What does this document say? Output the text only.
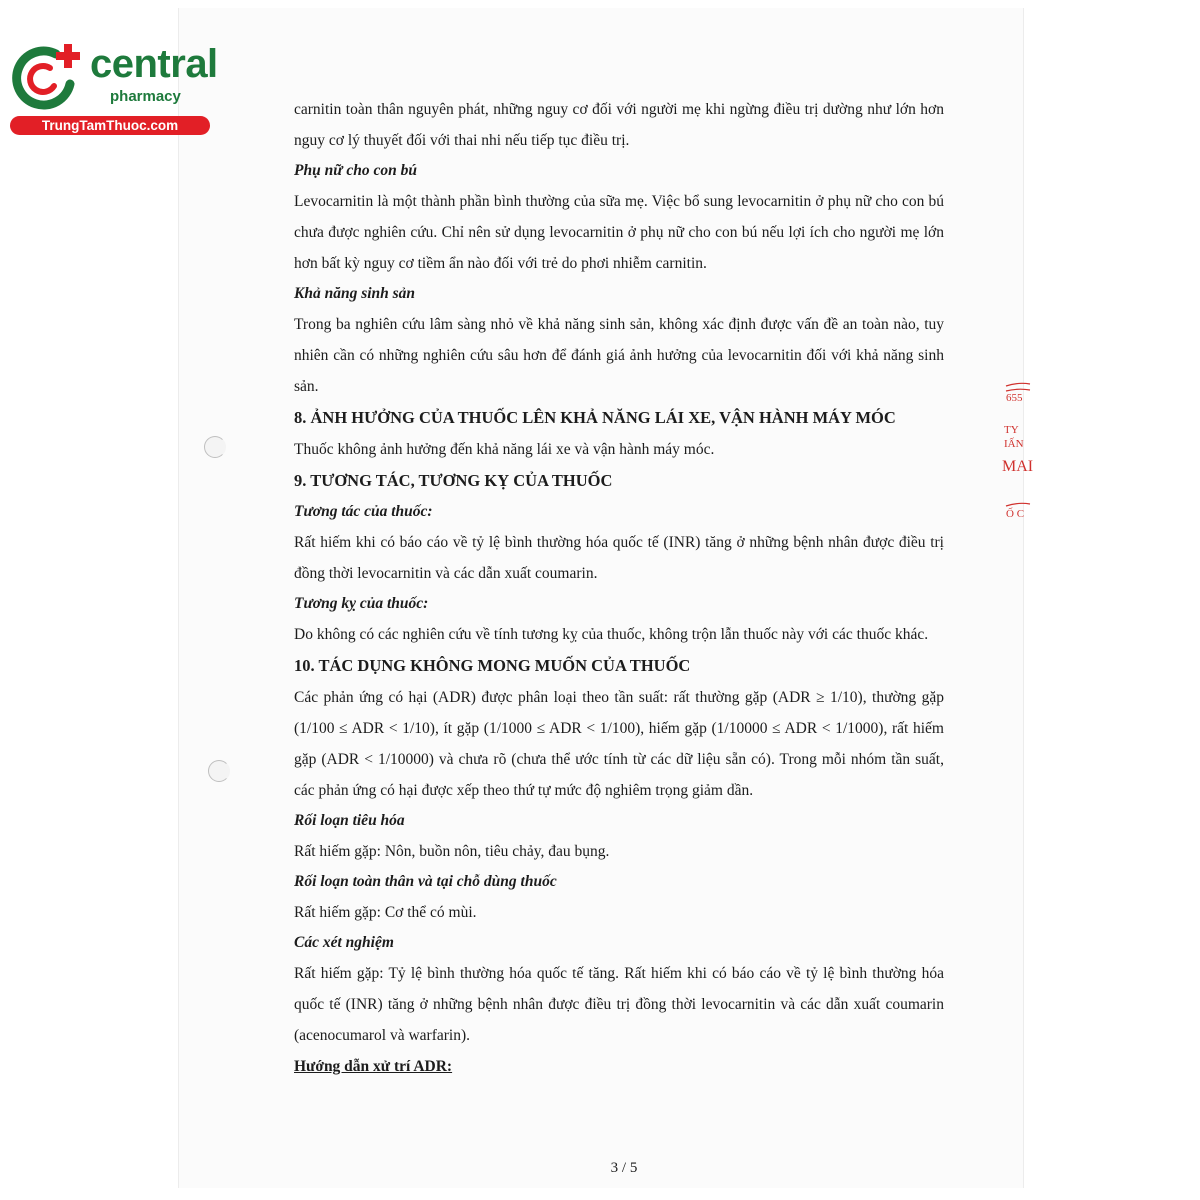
central
pharmacy
TrungTamThuoc.com
655
TY
IẤN
MAI
Ố C

carnitin toàn thân nguyên phát, những nguy cơ đối với người mẹ khi ngừng điều trị dường như lớn hơn nguy cơ lý thuyết đối với thai nhi nếu tiếp tục điều trị.

Phụ nữ cho con bú

Levocarnitin là một thành phần bình thường của sữa mẹ. Việc bổ sung levocarnitin ở phụ nữ cho con bú chưa được nghiên cứu. Chỉ nên sử dụng levocarnitin ở phụ nữ cho con bú nếu lợi ích cho người mẹ lớn hơn bất kỳ nguy cơ tiềm ẩn nào đối với trẻ do phơi nhiễm carnitin.

Khả năng sinh sản

Trong ba nghiên cứu lâm sàng nhỏ về khả năng sinh sản, không xác định được vấn đề an toàn nào, tuy nhiên cần có những nghiên cứu sâu hơn để đánh giá ảnh hưởng của levocarnitin đối với khả năng sinh sản.

8. ẢNH HƯỞNG CỦA THUỐC LÊN KHẢ NĂNG LÁI XE, VẬN HÀNH MÁY MÓC

Thuốc không ảnh hưởng đến khả năng lái xe và vận hành máy móc.

9. TƯƠNG TÁC, TƯƠNG KỴ CỦA THUỐC
Tương tác của thuốc:

Rất hiếm khi có báo cáo về tỷ lệ bình thường hóa quốc tế (INR) tăng ở những bệnh nhân được điều trị đồng thời levocarnitin và các dẫn xuất coumarin.

Tương kỵ của thuốc:

Do không có các nghiên cứu về tính tương kỵ của thuốc, không trộn lẫn thuốc này với các thuốc khác.

10. TÁC DỤNG KHÔNG MONG MUỐN CỦA THUỐC

Các phản ứng có hại (ADR) được phân loại theo tần suất: rất thường gặp (ADR ≥ 1/10), thường gặp (1/100 ≤ ADR < 1/10), ít gặp (1/1000 ≤ ADR < 1/100), hiếm gặp (1/10000 ≤ ADR < 1/1000), rất hiếm gặp (ADR < 1/10000) và chưa rõ (chưa thể ước tính từ các dữ liệu sẵn có). Trong mỗi nhóm tần suất, các phản ứng có hại được xếp theo thứ tự mức độ nghiêm trọng giảm dần.

Rối loạn tiêu hóa

Rất hiếm gặp: Nôn, buồn nôn, tiêu chảy, đau bụng.

Rối loạn toàn thân và tại chỗ dùng thuốc

Rất hiếm gặp: Cơ thể có mùi.

Các xét nghiệm

Rất hiếm gặp: Tỷ lệ bình thường hóa quốc tế tăng. Rất hiếm khi có báo cáo về tỷ lệ bình thường hóa quốc tế (INR) tăng ở những bệnh nhân được điều trị đồng thời levocarnitin và các dẫn xuất coumarin (acenocumarol và warfarin).

Hướng dẫn xử trí ADR:
3 / 5
